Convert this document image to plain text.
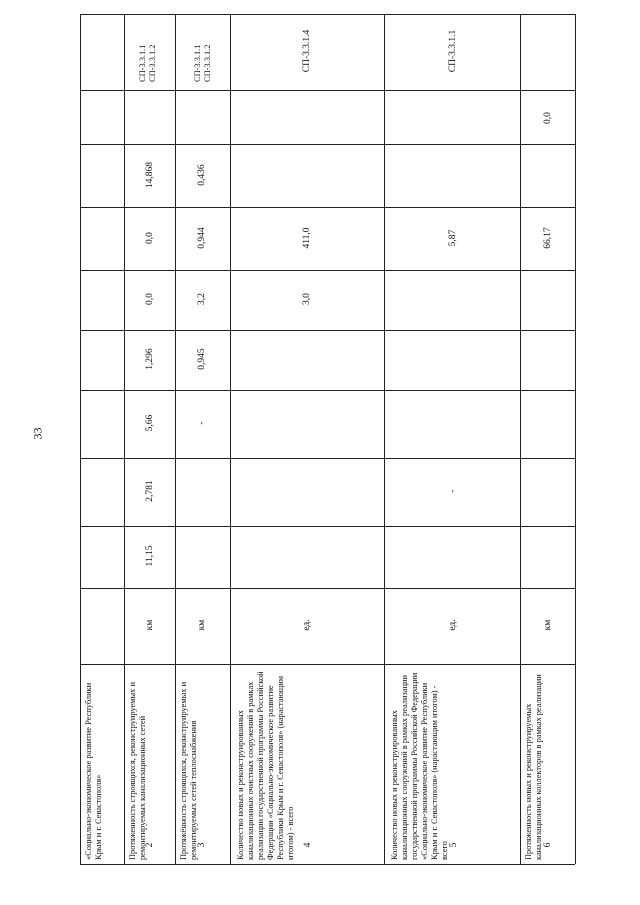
33
«Социально-экономическое развитие Республики Крым и г. Севастополя»	2
Протяженность строящихся, реконструируемых и ремонтируемых канализационных сетей
км
11,15
2,781
5,66
1,296
0,0
0,0
14,868
СП-3.3.1.1
СП-3.3.1.2
3
Протяжённость строящихся, реконструируемых и ремонтируемых сетей теплоснабжения
км
-
0,945
3,2
0,944
0,436
СП-3.3.1.1
СП-3.3.1.2
4
Количество новых и реконструированных канализационных очистных сооружений в рамках реализации государственной программы Российской Федерации «Социально-экономическое развитие Республики Крым и г. Севастополя» (нарастающим итогом) - всего
ед.
3,0
411,0
СП-3.3.1.4
5
Количество новых и реконструированных канализационных сооружений в рамках реализации государственной программы Российской Федерации «Социально-экономическое развитие Республики Крым и г. Севастополя» (нарастающим итогом) - всего
ед.
-
5,87
СП-3.3.1.1
6
Протяженность новых и реконструируемых канализационных коллекторов в рамках реализации
км
66,17
0,0
